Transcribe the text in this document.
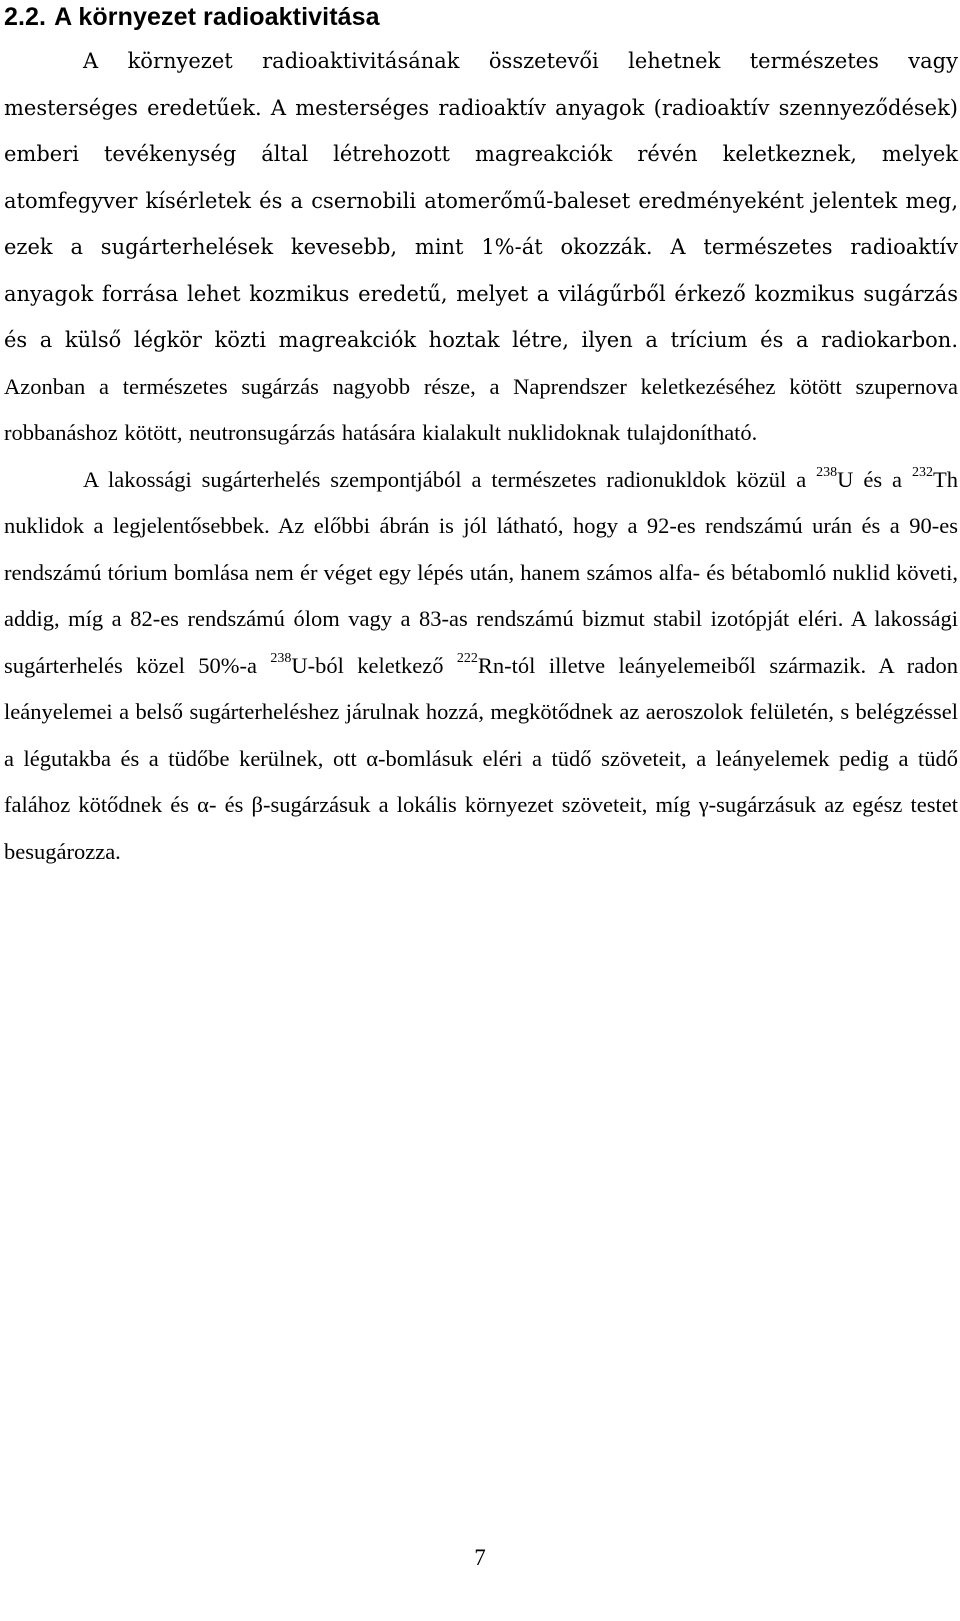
2.2. A környezet radioaktivitása

A környezet radioaktivitásának összetevői lehetnek természetes vagy mesterséges eredetűek. A mesterséges radioaktív anyagok (radioaktív szennyeződések) emberi tevékenység által létrehozott magreakciók révén keletkeznek, melyek atomfegyver kísérletek és a csernobili atomerőmű-baleset eredményeként jelentek meg, ezek a sugárterhelések kevesebb, mint 1%-át okozzák. A természetes radioaktív anyagok forrása lehet kozmikus eredetű, melyet a világűrből érkező kozmikus sugárzás és a külső légkör közti magreakciók hoztak létre, ilyen a trícium és a radiokarbon. Azonban a természetes sugárzás nagyobb része, a Naprendszer keletkezéséhez kötött szupernova robbanáshoz kötött, neutronsugárzás hatására kialakult nuklidoknak tulajdonítható.

A lakossági sugárterhelés szempontjából a természetes radionukldok közül a $^{238}$U és a $^{232}$Th nuklidok a legjelentősebbek. Az előbbi ábrán is jól látható, hogy a 92-es rendszámú urán és a 90-es rendszámú tórium bomlása nem ér véget egy lépés után, hanem számos alfa- és bétabomló nuklid követi, addig, míg a 82-es rendszámú ólom vagy a 83-as rendszámú bizmut stabil izotópját eléri. A lakossági sugárterhelés közel 50%-a $^{238}$U-ból keletkező $^{222}$Rn-tól illetve leányelemeiből származik. A radon leányelemei a belső sugárterheléshez járulnak hozzá, megkötődnek az aeroszolok felületén, s belégzéssel a légutakba és a tüdőbe kerülnek, ott α-bomlásuk eléri a tüdő szöveteit, a leányelemek pedig a tüdő falához kötődnek és α- és β-sugárzásuk a lokális környezet szöveteit, míg γ-sugárzásuk az egész testet besugározza.

7
